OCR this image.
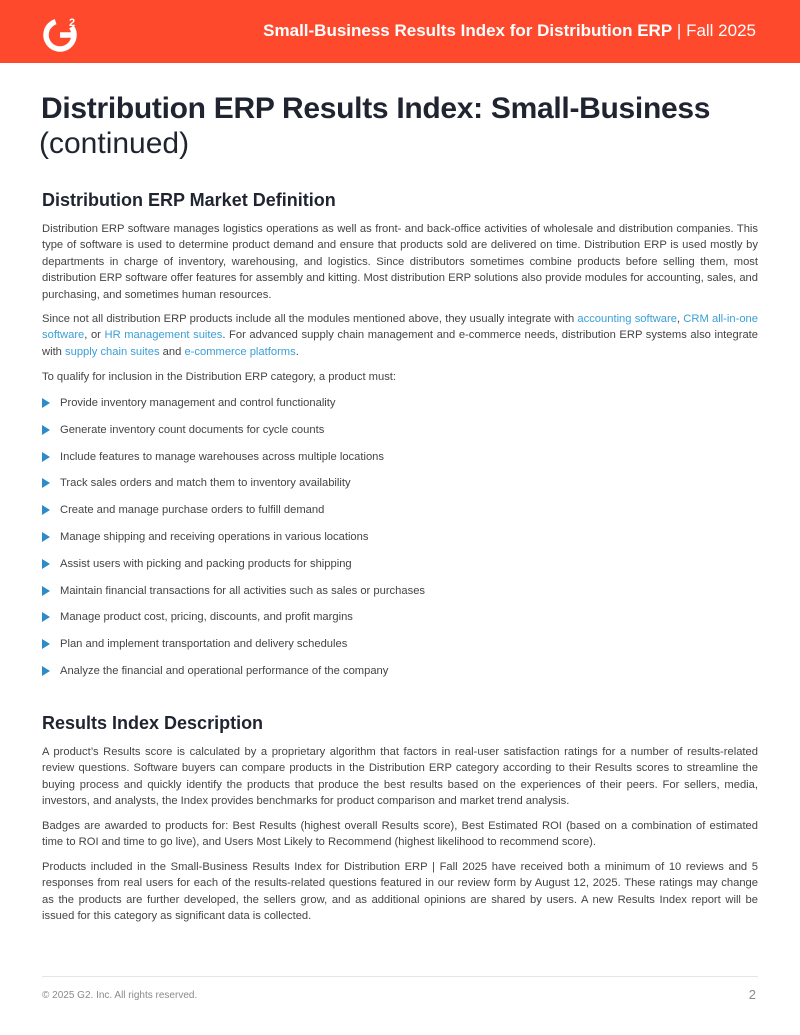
2	Small-Business Results Index for Distribution ERP | Fall 2025
Distribution ERP Results Index: Small-Business
(continued)
Distribution ERP Market Definition

Distribution ERP software manages logistics operations as well as front- and back-office activities of wholesale and distribution companies. This type of software is used to determine product demand and ensure that products sold are delivered on time. Distribution ERP is used mostly by departments in charge of inventory, warehousing, and logistics. Since distributors sometimes combine products before selling them, most distribution ERP software offer features for assembly and kitting. Most distribution ERP solutions also provide modules for accounting, sales, and purchasing, and sometimes human resources.

Since not all distribution ERP products include all the modules mentioned above, they usually integrate with accounting software, CRM all-in-one software, or HR management suites. For advanced supply chain management and e-commerce needs, distribution ERP systems also integrate with supply chain suites and e-commerce platforms.

To qualify for inclusion in the Distribution ERP category, a product must:

Provide inventory management and control functionality
Generate inventory count documents for cycle counts
Include features to manage warehouses across multiple locations
Track sales orders and match them to inventory availability
Create and manage purchase orders to fulfill demand
Manage shipping and receiving operations in various locations
Assist users with picking and packing products for shipping
Maintain financial transactions for all activities such as sales or purchases
Manage product cost, pricing, discounts, and profit margins
Plan and implement transportation and delivery schedules
Analyze the financial and operational performance of the company
Results Index Description

A product’s Results score is calculated by a proprietary algorithm that factors in real-user satisfaction ratings for a number of results-related review questions. Software buyers can compare products in the Distribution ERP category according to their Results scores to streamline the buying process and quickly identify the products that produce the best results based on the experiences of their peers. For sellers, media, investors, and analysts, the Index provides benchmarks for product comparison and market trend analysis.

Badges are awarded to products for: Best Results (highest overall Results score), Best Estimated ROI (based on a combination of estimated time to ROI and time to go live), and Users Most Likely to Recommend (highest likelihood to recommend score).

Products included in the Small-Business Results Index for Distribution ERP | Fall 2025 have received both a minimum of 10 reviews and 5 responses from real users for each of the results-related questions featured in our review form by August 12, 2025. These ratings may change as the products are further developed, the sellers grow, and as additional opinions are shared by users. A new Results Index report will be issued for this category as significant data is collected.

© 2025 G2. Inc. All rights reserved.	2
